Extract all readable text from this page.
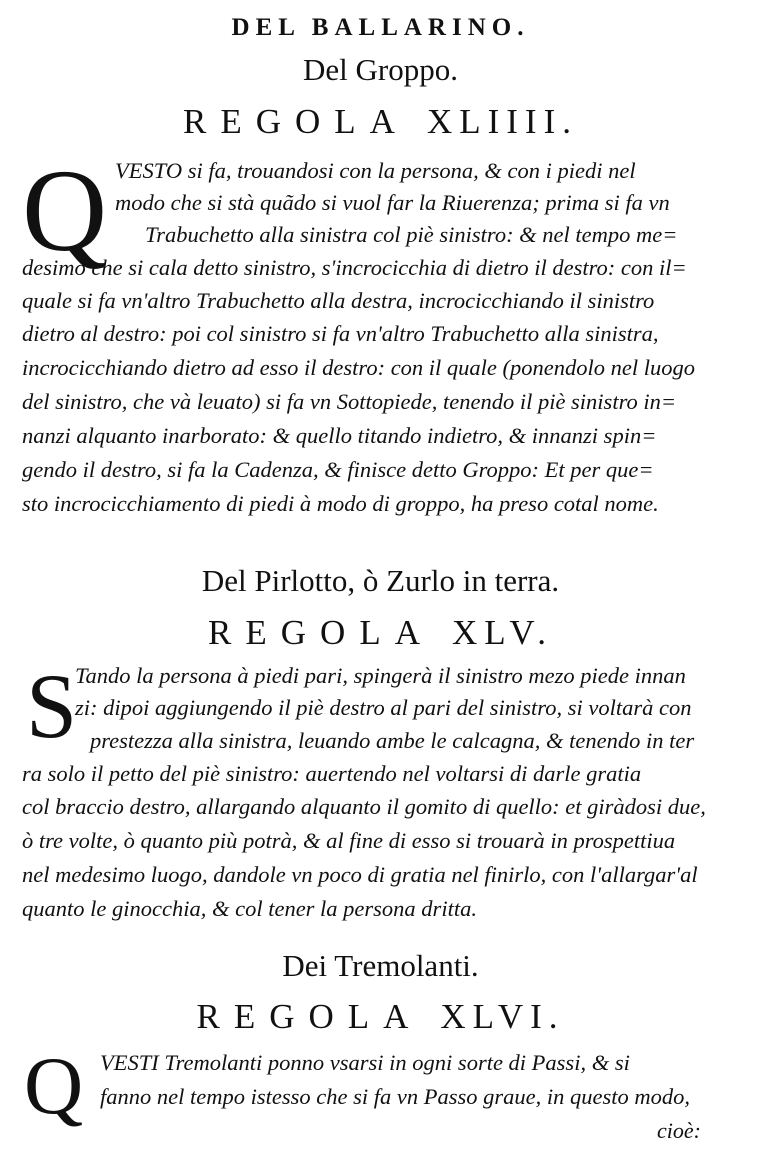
DEL BALLARINO.
Del Groppo.
REGOLA XLIIII.
Q VESTO si fa, trouandosi con la persona, & con i piedi nel
modo che si stà quãdo si vuol far la Riuerenza; prima si fa vn
Trabuchetto alla sinistra col piè sinistro: & nel tempo me=
desimo che si cala detto sinistro, s'incrocicchia di dietro il destro: con il=
quale si fa vn'altro Trabuchetto alla destra, incrocicchiando il sinistro
dietro al destro: poi col sinistro si fa vn'altro Trabuchetto alla sinistra,
incrocicchiando dietro ad esso il destro: con il quale (ponendolo nel luogo
del sinistro, che và leuato) si fa vn Sottopiede, tenendo il piè sinistro in=
nanzi alquanto inarborato: & quello titando indietro, & innanzi spin=
gendo il destro, si fa la Cadenza, & finisce detto Groppo: Et per que=
sto incrocicchiamento di piedi à modo di groppo, ha preso cotal nome.
Del Pirlotto, ò Zurlo in terra.
REGOLA XLV.
S
Tando la persona à piedi pari, spingerà il sinistro mezo piede innan
zi: dipoi aggiungendo il piè destro al pari del sinistro, si voltarà con
prestezza alla sinistra, leuando ambe le calcagna, & tenendo in ter
ra solo il petto del piè sinistro: auertendo nel voltarsi di darle gratia
col braccio destro, allargando alquanto il gomito di quello: et giràdosi due,
ò tre volte, ò quanto più potrà, & al fine di esso si trouarà in prospettiua
nel medesimo luogo, dandole vn poco di gratia nel finirlo, con l'allargar'al
quanto le ginocchia, & col tener la persona dritta.
Dei Tremolanti.
REGOLA XLVI.
Q VESTI Tremolanti ponno vsarsi in ogni sorte di Passi, & si
fanno nel tempo istesso che si fa vn Passo graue, in questo modo,
cioè:
